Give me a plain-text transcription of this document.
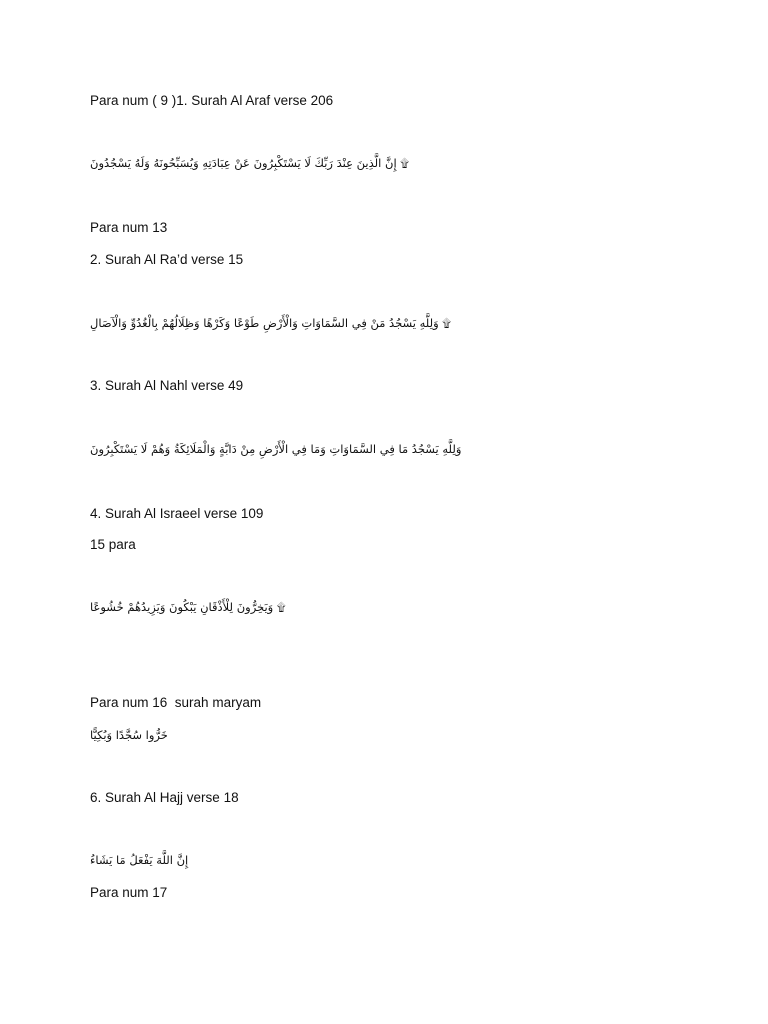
Para num ( 9 )1. Surah Al Araf verse 206
۩ إِنَّ الَّذِينَ عِنْدَ رَبِّكَ لَا يَسْتَكْبِرُونَ عَنْ عِبَادَتِهِ وَيُسَبِّحُونَهُ وَلَهُ يَسْجُدُونَ
Para num 13
2. Surah Al Ra’d verse 15
۩ وَلِلَّهِ يَسْجُدُ مَنْ فِي السَّمَاوَاتِ وَالْأَرْضِ طَوْعًا وَكَرْهًا وَظِلَالُهُمْ بِالْغُدُوِّ وَالْآصَالِ
3. Surah Al Nahl verse 49
وَلِلَّهِ يَسْجُدُ مَا فِي السَّمَاوَاتِ وَمَا فِي الْأَرْضِ مِنْ دَابَّةٍ وَالْمَلَائِكَةُ وَهُمْ لَا يَسْتَكْبِرُونَ
4. Surah Al Israeel verse 109
15 para
۩ وَيَخِرُّونَ لِلْأَذْقَانِ يَبْكُونَ وَيَزِيدُهُمْ خُشُوعًا
Para num 16  surah maryam
خَرُّوا سُجَّدًا وَبُكِيًّا
6. Surah Al Hajj verse 18
إِنَّ اللَّهَ يَفْعَلُ مَا يَشَاءُ
Para num 17
